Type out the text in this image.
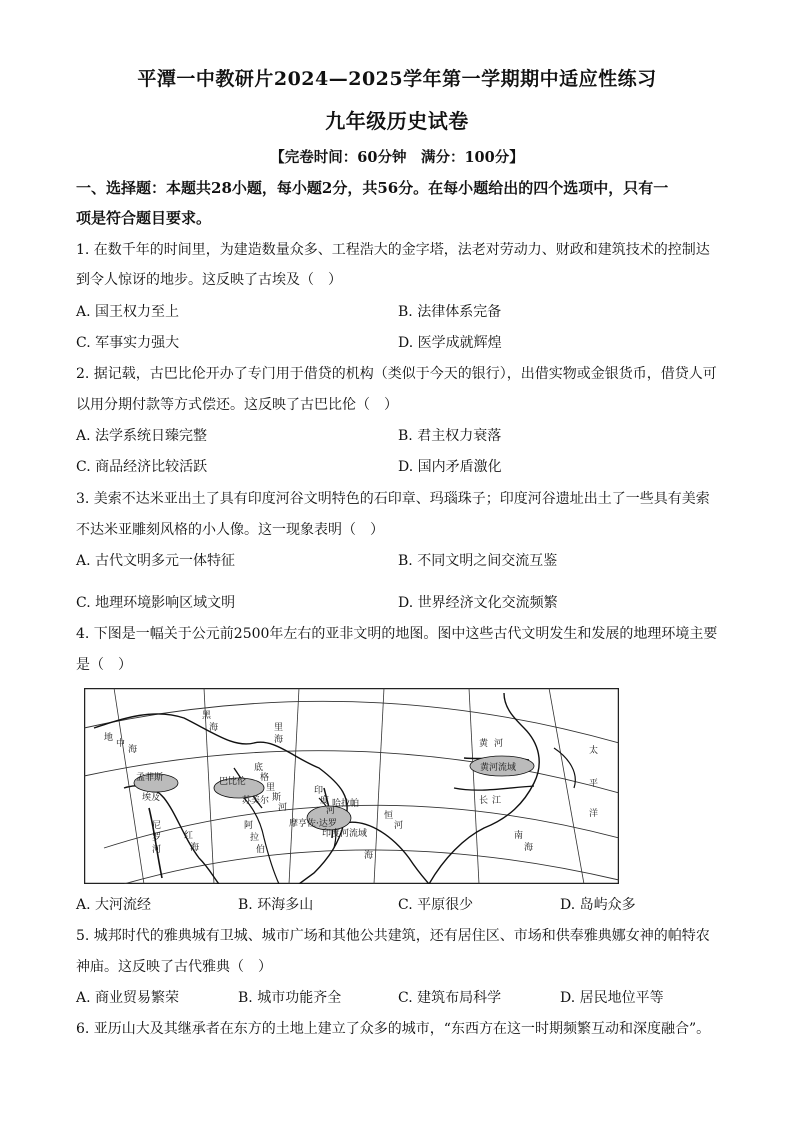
平潭一中教研片2024—2025学年第一学期期中适应性练习
九年级历史试卷
【完卷时间：60分钟　满分：100分】
一、选择题：本题共28小题，每小题2分，共56分。在每小题给出的四个选项中，只有一
项是符合题目要求。
1. 在数千年的时间里，为建造数量众多、工程浩大的金字塔，法老对劳动力、财政和建筑技术的控制达
到令人惊讶的地步。这反映了古埃及（　）
A. 国王权力至上	B. 法律体系完备
C. 军事实力强大	D. 医学成就辉煌
2. 据记载，古巴比伦开办了专门用于借贷的机构（类似于今天的银行），出借实物或金银货币，借贷人可
以用分期付款等方式偿还。这反映了古巴比伦（　）
A. 法学系统日臻完整	B. 君主权力衰落
C. 商品经济比较活跃	D. 国内矛盾激化
3. 美索不达米亚出土了具有印度河谷文明特色的石印章、玛瑙珠子；印度河谷遗址出土了一些具有美索
不达米亚雕刻风格的小人像。这一现象表明（　）
A. 古代文明多元一体特征	B. 不同文明之间交流互鉴
C. 地理环境影响区域文明	D. 世界经济文化交流频繁
4. 下图是一幅关于公元前2500年左右的亚非文明的地图。图中这些古代文明发生和发展的地理环境主要
是（　）
黑
海	里
海
地
中
海
孟菲斯
埃及
尼
罗
河
红
海
巴比伦
苏美尔
阿
拉
伯
海
印
度
河
摩亨佐·达罗
印度河流域
哈拉帕
恒
河
黄 河
长 江
黄河流域
太
平
洋
南
海
底
格
里
斯
河
A. 大河流经	B. 环海多山	C. 平原很少	D. 岛屿众多
5. 城邦时代的雅典城有卫城、城市广场和其他公共建筑，还有居住区、市场和供奉雅典娜女神的帕特农
神庙。这反映了古代雅典（　）
A. 商业贸易繁荣	B. 城市功能齐全	C. 建筑布局科学	D. 居民地位平等
6. 亚历山大及其继承者在东方的土地上建立了众多的城市，“东西方在这一时期频繁互动和深度融合”。
